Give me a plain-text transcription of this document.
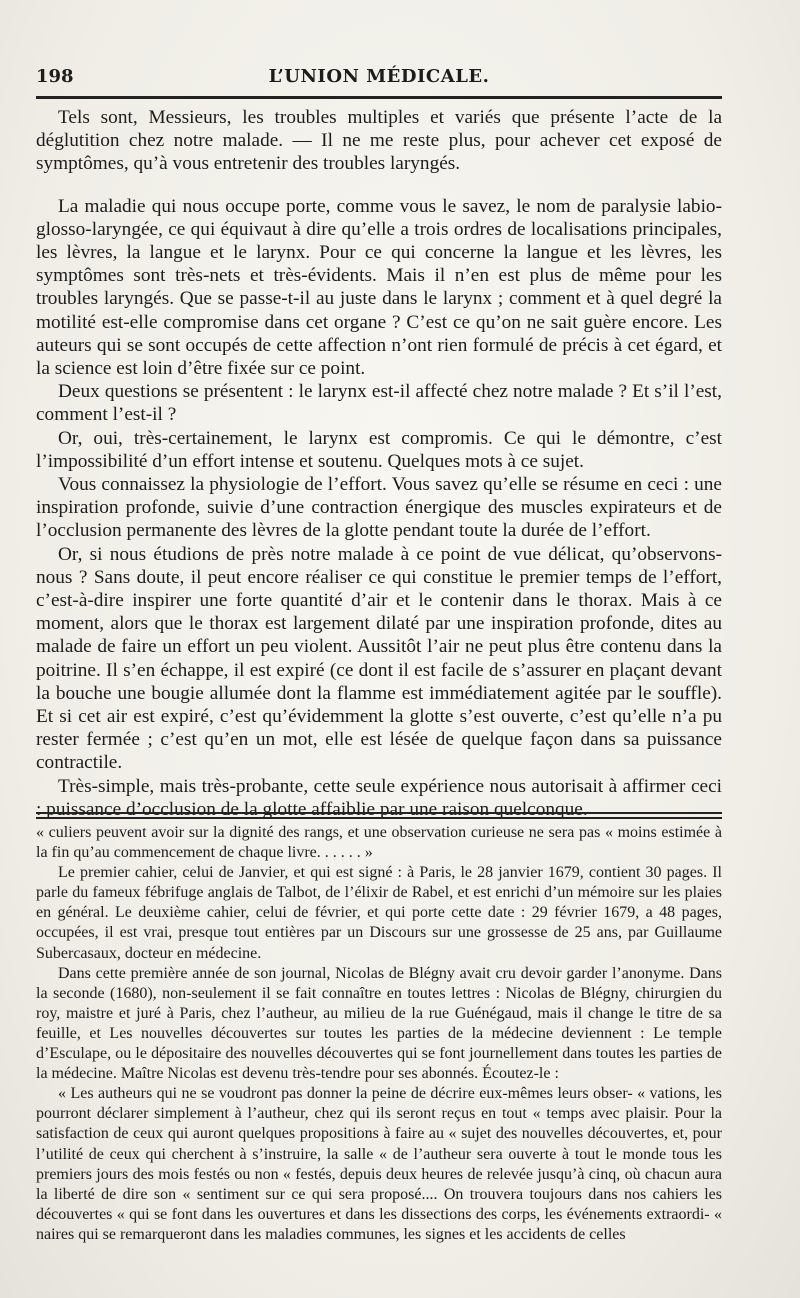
198	L’UNION MÉDICALE.

Tels sont, Messieurs, les troubles multiples et variés que présente l’acte de la déglutition chez notre malade. — Il ne me reste plus, pour achever cet exposé de symptômes, qu’à vous entretenir des troubles laryngés.

La maladie qui nous occupe porte, comme vous le savez, le nom de paralysie labio-glosso-laryngée, ce qui équivaut à dire qu’elle a trois ordres de localisations principales, les lèvres, la langue et le larynx. Pour ce qui concerne la langue et les lèvres, les symptômes sont très-nets et très-évidents. Mais il n’en est plus de même pour les troubles laryngés. Que se passe-t-il au juste dans le larynx ; comment et à quel degré la motilité est-elle compromise dans cet organe ? C’est ce qu’on ne sait guère encore. Les auteurs qui se sont occupés de cette affection n’ont rien formulé de précis à cet égard, et la science est loin d’être fixée sur ce point.

Deux questions se présentent : le larynx est-il affecté chez notre malade ? Et s’il l’est, comment l’est-il ?

Or, oui, très-certainement, le larynx est compromis. Ce qui le démontre, c’est l’impossibilité d’un effort intense et soutenu. Quelques mots à ce sujet.

Vous connaissez la physiologie de l’effort. Vous savez qu’elle se résume en ceci : une inspiration profonde, suivie d’une contraction énergique des muscles expirateurs et de l’occlusion permanente des lèvres de la glotte pendant toute la durée de l’effort.

Or, si nous étudions de près notre malade à ce point de vue délicat, qu’observons-nous ? Sans doute, il peut encore réaliser ce qui constitue le premier temps de l’effort, c’est-à-dire inspirer une forte quantité d’air et le contenir dans le thorax. Mais à ce moment, alors que le thorax est largement dilaté par une inspiration profonde, dites au malade de faire un effort un peu violent. Aussitôt l’air ne peut plus être contenu dans la poitrine. Il s’en échappe, il est expiré (ce dont il est facile de s’assurer en plaçant devant la bouche une bougie allumée dont la flamme est immédiatement agitée par le souffle). Et si cet air est expiré, c’est qu’évidemment la glotte s’est ouverte, c’est qu’elle n’a pu rester fermée ; c’est qu’en un mot, elle est lésée de quelque façon dans sa puissance contractile.

Très-simple, mais très-probante, cette seule expérience nous autorisait à affirmer ceci : puissance d’occlusion de la glotte affaiblie par une raison quelconque.

« culiers peuvent avoir sur la dignité des rangs, et une observation curieuse ne sera pas « moins estimée à la fin qu’au commencement de chaque livre. . . . . . »

Le premier cahier, celui de Janvier, et qui est signé : à Paris, le 28 janvier 1679, contient 30 pages. Il parle du fameux fébrifuge anglais de Talbot, de l’élixir de Rabel, et est enrichi d’un mémoire sur les plaies en général. Le deuxième cahier, celui de février, et qui porte cette date : 29 février 1679, a 48 pages, occupées, il est vrai, presque tout entières par un Discours sur une grossesse de 25 ans, par Guillaume Subercasaux, docteur en médecine.

Dans cette première année de son journal, Nicolas de Blégny avait cru devoir garder l’anonyme. Dans la seconde (1680), non-seulement il se fait connaître en toutes lettres : Nicolas de Blégny, chirurgien du roy, maistre et juré à Paris, chez l’autheur, au milieu de la rue Guénégaud, mais il change le titre de sa feuille, et Les nouvelles découvertes sur toutes les parties de la médecine deviennent : Le temple d’Esculape, ou le dépositaire des nouvelles découvertes qui se font journellement dans toutes les parties de la médecine. Maître Nicolas est devenu très-tendre pour ses abonnés. Écoutez-le :

« Les autheurs qui ne se voudront pas donner la peine de décrire eux-mêmes leurs obser- « vations, les pourront déclarer simplement à l’autheur, chez qui ils seront reçus en tout « temps avec plaisir. Pour la satisfaction de ceux qui auront quelques propositions à faire au « sujet des nouvelles découvertes, et, pour l’utilité de ceux qui cherchent à s’instruire, la salle « de l’autheur sera ouverte à tout le monde tous les premiers jours des mois festés ou non « festés, depuis deux heures de relevée jusqu’à cinq, où chacun aura la liberté de dire son « sentiment sur ce qui sera proposé.... On trouvera toujours dans nos cahiers les découvertes « qui se font dans les ouvertures et dans les dissections des corps, les événements extraordi- « naires qui se remarqueront dans les maladies communes, les signes et les accidents de celles
